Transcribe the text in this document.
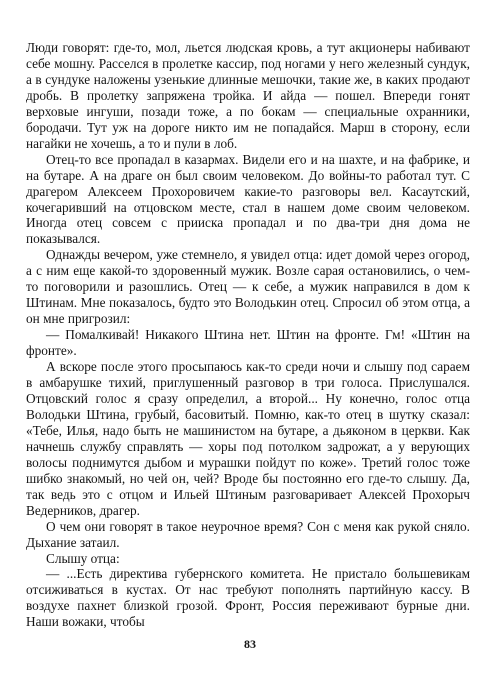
Люди говорят: где-то, мол, льется людская кровь, а тут акционеры набивают себе мошну. Расселся в пролетке кассир, под ногами у него железный сундук, а в сундуке наложены узенькие длинные мешочки, такие же, в каких продают дробь. В пролетку запряжена тройка. И айда — пошел. Впереди гонят верховые ингуши, позади тоже, а по бокам — специальные охранники, бородачи. Тут уж на дороге никто им не попадайся. Марш в сторону, если нагайки не хочешь, а то и пули в лоб.

Отец-то все пропадал в казармах. Видели его и на шахте, и на фабрике, и на бутаре. А на драге он был своим человеком. До войны-то работал тут. С драгером Алексеем Прохоровичем какие-то разговоры вел. Касаутский, кочегаривший на отцовском месте, стал в нашем доме своим человеком. Иногда отец совсем с прииска пропадал и по два-три дня дома не показывался.

Однажды вечером, уже стемнело, я увидел отца: идет домой через огород, а с ним еще какой-то здоровенный мужик. Возле сарая остановились, о чем-то поговорили и разошлись. Отец — к себе, а мужик направился в дом к Штинам. Мне показалось, будто это Володькин отец. Спросил об этом отца, а он мне пригрозил:

— Помалкивай! Никакого Штина нет. Штин на фронте. Гм! «Штин на фронте».

А вскоре после этого просыпаюсь как-то среди ночи и слышу под сараем в амбарушке тихий, приглушенный разговор в три голоса. Прислушался. Отцовский голос я сразу определил, а второй... Ну конечно, голос отца Володьки Штина, грубый, басовитый. Помню, как-то отец в шутку сказал: «Тебе, Илья, надо быть не машинистом на бутаре, а дьяконом в церкви. Как начнешь службу справлять — хоры под потолком задрожат, а у верующих волосы поднимутся дыбом и мурашки пойдут по коже». Третий голос тоже шибко знакомый, но чей он, чей? Вроде бы постоянно его где-то слышу. Да, так ведь это с отцом и Ильей Штиным разговаривает Алексей Прохорыч Ведерников, драгер.

О чем они говорят в такое неурочное время? Сон с меня как рукой сняло. Дыхание затаил.

Слышу отца:

— ...Есть директива губернского комитета. Не пристало большевикам отсиживаться в кустах. От нас требуют пополнять партийную кассу. В воздухе пахнет близкой грозой. Фронт, Россия переживают бурные дни. Наши вожаки, чтобы

83
